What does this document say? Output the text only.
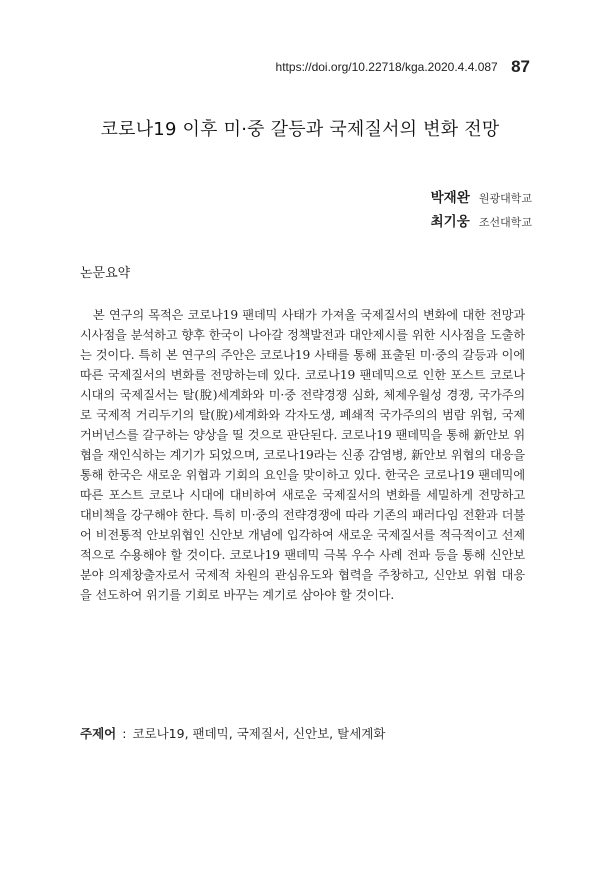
https://doi.org/10.22718/kga.2020.4.4.087 87
코로나19 이후 미·중 갈등과 국제질서의 변화 전망
박재완 원광대학교
최기웅 조선대학교
논문요약

본 연구의 목적은 코로나19 팬데믹 사태가 가져올 국제질서의 변화에 대한 전망과 시사점을 분석하고 향후 한국이 나아갈 정책발전과 대안제시를 위한 시사점을 도출하는 것이다. 특히 본 연구의 주안은 코로나19 사태를 통해 표출된 미·중의 갈등과 이에 따른 국제질서의 변화를 전망하는데 있다. 코로나19 팬데믹으로 인한 포스트 코로나 시대의 국제질서는 탈(脫)세계화와 미·중 전략경쟁 심화, 체제우월성 경쟁, 국가주의로 국제적 거리두기의 탈(脫)세계화와 각자도생, 폐쇄적 국가주의의 범람 위험, 국제 거버넌스를 갈구하는 양상을 띨 것으로 판단된다. 코로나19 팬데믹을 통해 新안보 위협을 재인식하는 계기가 되었으며, 코로나19라는 신종 감염병, 新안보 위협의 대응을 통해 한국은 새로운 위협과 기회의 요인을 맞이하고 있다. 한국은 코로나19 팬데믹에 따른 포스트 코로나 시대에 대비하여 새로운 국제질서의 변화를 세밀하게 전망하고 대비책을 강구해야 한다. 특히 미·중의 전략경쟁에 따라 기존의 패러다임 전환과 더불어 비전통적 안보위협인 신안보 개념에 입각하여 새로운 국제질서를 적극적이고 선제적으로 수용해야 할 것이다. 코로나19 팬데믹 극복 우수 사례 전파 등을 통해 신안보 분야 의제창출자로서 국제적 차원의 관심유도와 협력을 주창하고, 신안보 위협 대응을 선도하여 위기를 기회로 바꾸는 계기로 삼아야 할 것이다.

주제어 : 코로나19, 팬데믹, 국제질서, 신안보, 탈세계화
